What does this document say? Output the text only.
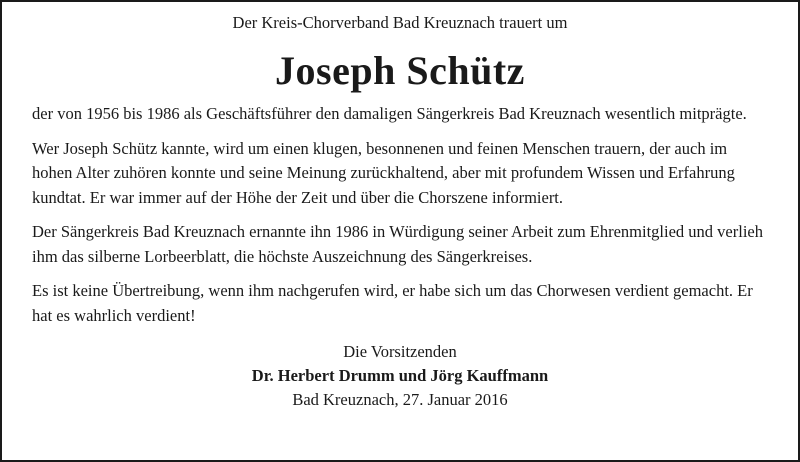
Der Kreis-Chorverband Bad Kreuznach trauert um

Joseph Schütz

der von 1956 bis 1986 als Geschäftsführer den damaligen Sängerkreis Bad Kreuznach wesentlich mitprägte.

Wer Joseph Schütz kannte, wird um einen klugen, besonnenen und feinen Menschen trauern, der auch im hohen Alter zuhören konnte und seine Meinung zurückhaltend, aber mit profundem Wissen und Erfahrung kundtat. Er war immer auf der Höhe der Zeit und über die Chorszene informiert.

Der Sängerkreis Bad Kreuznach ernannte ihn 1986 in Würdigung seiner Arbeit zum Ehrenmitglied und verlieh ihm das silberne Lorbeerblatt, die höchste Auszeichnung des Sängerkreises.

Es ist keine Übertreibung, wenn ihm nachgerufen wird, er habe sich um das Chorwesen verdient gemacht. Er hat es wahrlich verdient!

Die Vorsitzenden
Dr. Herbert Drumm und Jörg Kauffmann
Bad Kreuznach, 27. Januar 2016
